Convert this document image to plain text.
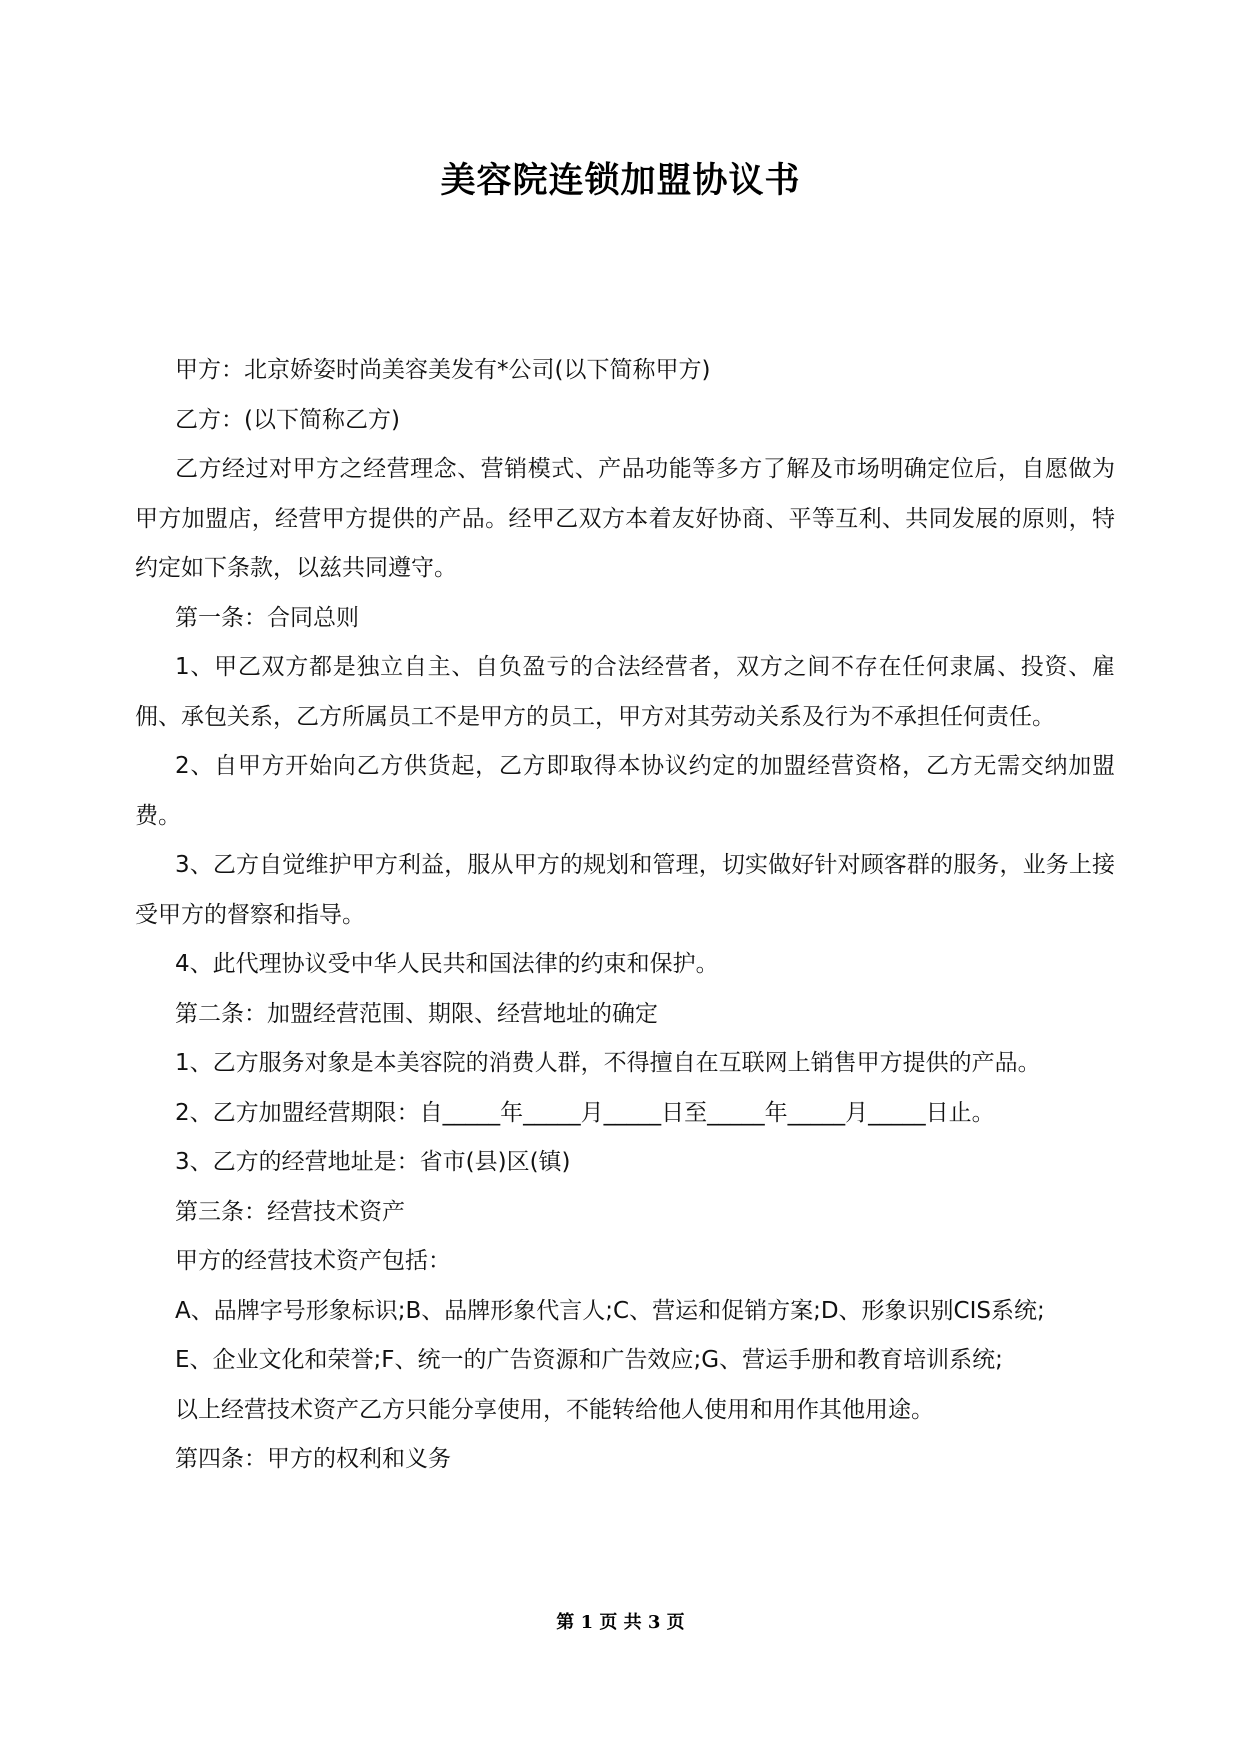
美容院连锁加盟协议书

甲方：北京娇姿时尚美容美发有*公司(以下简称甲方)

乙方：(以下简称乙方)

乙方经过对甲方之经营理念、营销模式、产品功能等多方了解及市场明确定位后，自愿做为甲方加盟店，经营甲方提供的产品。经甲乙双方本着友好协商、平等互利、共同发展的原则，特约定如下条款，以兹共同遵守。

第一条：合同总则

1、甲乙双方都是独立自主、自负盈亏的合法经营者，双方之间不存在任何隶属、投资、雇佣、承包关系，乙方所属员工不是甲方的员工，甲方对其劳动关系及行为不承担任何责任。

2、自甲方开始向乙方供货起，乙方即取得本协议约定的加盟经营资格，乙方无需交纳加盟费。

3、乙方自觉维护甲方利益，服从甲方的规划和管理，切实做好针对顾客群的服务，业务上接受甲方的督察和指导。

4、此代理协议受中华人民共和国法律的约束和保护。

第二条：加盟经营范围、期限、经营地址的确定

1、乙方服务对象是本美容院的消费人群，不得擅自在互联网上销售甲方提供的产品。

2、乙方加盟经营期限：自_____年_____月_____日至_____年_____月_____日止。

3、乙方的经营地址是：省市(县)区(镇)

第三条：经营技术资产

甲方的经营技术资产包括：

A、品牌字号形象标识;B、品牌形象代言人;C、营运和促销方案;D、形象识别CIS系统;

E、企业文化和荣誉;F、统一的广告资源和广告效应;G、营运手册和教育培训系统;

以上经营技术资产乙方只能分享使用，不能转给他人使用和用作其他用途。

第四条：甲方的权利和义务

第 1 页 共 3 页
